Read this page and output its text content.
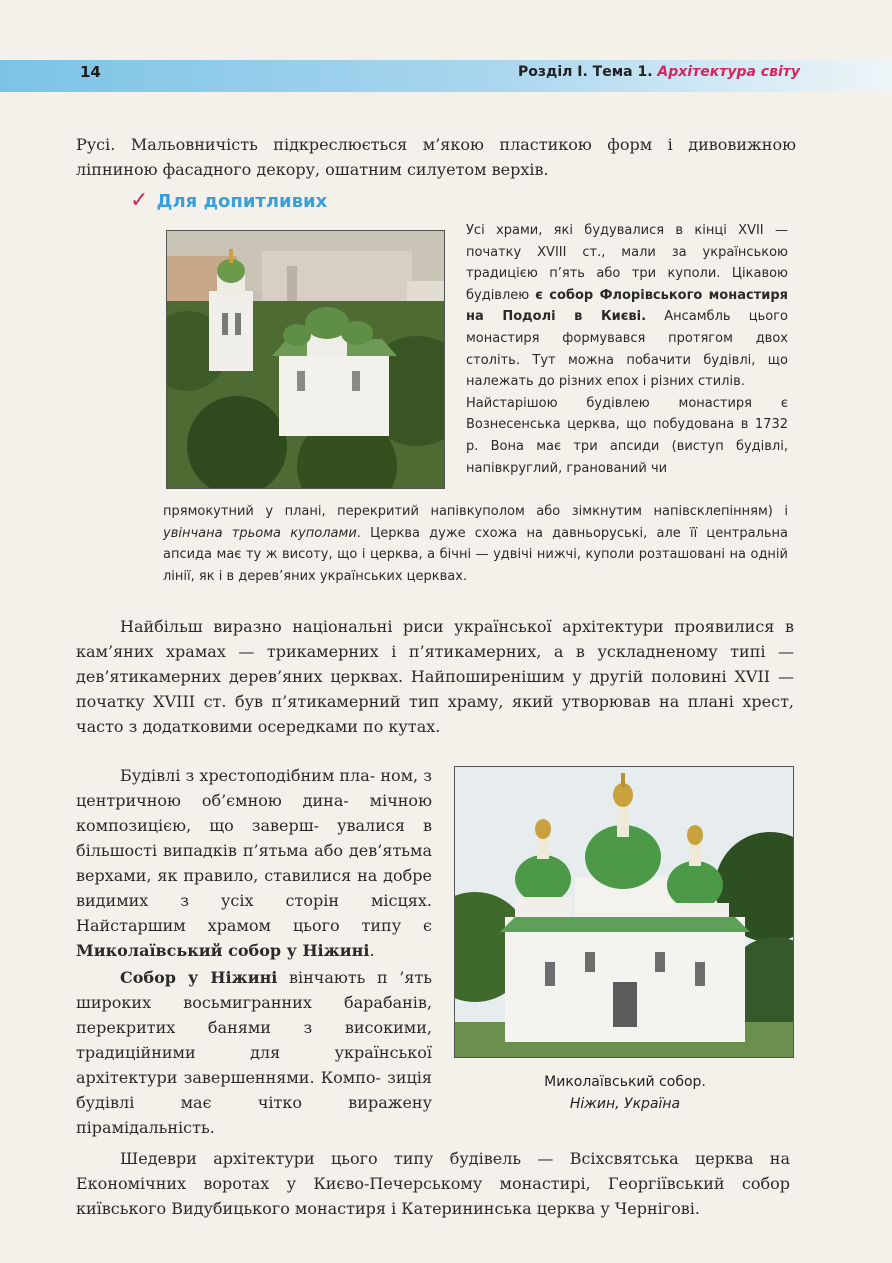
14	Розділ І. Тема 1. Архітектура світу
Русі. Мальовничість підкреслюється м’якою пластикою форм і дивовижною
ліпниною фасадного декору, ошатним силуетом верхів.
✓ Для допитливих

Усі храми, які будувалися в кінці XVII — початку XVIII ст., мали за українською традицією п’ять або три куполи. Цікавою будівлею є собор Флорівського монастиря на Подолі в Києві. Ансамбль цього монастиря формувався протягом двох століть. Тут можна побачити будівлі, що належать до різних епох і різних стилів.

Найстарішою будівлею монастиря є Вознесенська церква, що побудована в 1732 р. Вона має три апсиди (виступ будівлі, напівкруглий, гранований чи

прямокутний у плані, перекритий напівкуполом або зімкнутим напівсклепінням) і увінчана трьома куполами. Церква дуже схожа на давньоруські, але її центральна апсида має ту ж висоту, що і церква, а бічні — удвічі нижчі, куполи розташовані на одній лінії, як і в дерев’яних українських церквах.

Найбільш виразно національні риси української архітектури проявилися в кам’яних храмах — трикамерних і п’ятикамерних, а в ускладненому типі — дев’ятикамерних дерев’яних церквах. Найпоширенішим у другій половині XVII — початку XVIII ст. був п’ятикамерний тип храму, який утворював на плані хрест, часто з додатковими осередками по кутах.

Будівлі з хрестоподібним пла- ном, з центричною об’ємною дина- мічною композицією, що заверш- увалися в більшості випадків п’ятьма або дев’ятьма верхами, як правило, ставилися на добре видимих з усіх сторін місцях. Найстаршим храмом цього типу є Миколаївський собор у Ніжині.

Собор у Ніжині вінчають п ’ять широких восьмигранних барабанів, перекритих банями з високими, традиційними для української архітектури завершеннями. Компо- зиція будівлі має чітко виражену пірамідальність.

Миколаївський собор.
Ніжин, Україна
Шедеври архітектури цього типу будівель — Всіхсвятська церква на Економічних воротах у Києво-Печерському монастирі, Георгіївський собор київського Видубицького монастиря і Катерининська церква у Чернігові.
